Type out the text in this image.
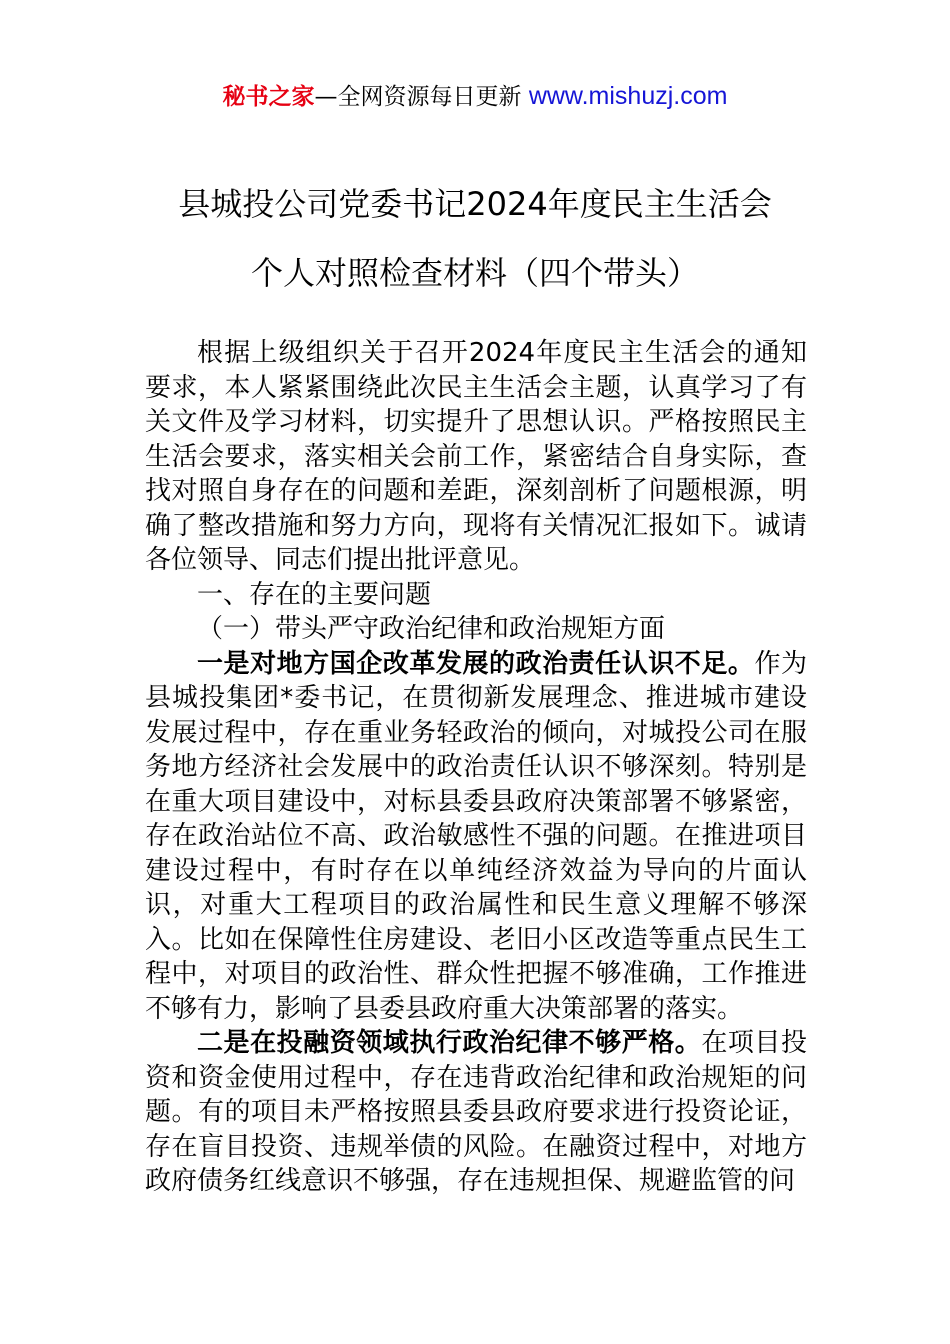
秘书之家—全网资源每日更新 www.mishuzj.com
县城投公司党委书记2024年度民主生活会
个人对照检查材料（四个带头）

根据上级组织关于召开2024年度民主生活会的通知要求，本人紧紧围绕此次民主生活会主题，认真学习了有关文件及学习材料，切实提升了思想认识。严格按照民主生活会要求，落实相关会前工作，紧密结合自身实际，查找对照自身存在的问题和差距，深刻剖析了问题根源，明确了整改措施和努力方向，现将有关情况汇报如下。诚请各位领导、同志们提出批评意见。

一、存在的主要问题

（一）带头严守政治纪律和政治规矩方面

一是对地方国企改革发展的政治责任认识不足。作为县城投集团*委书记，在贯彻新发展理念、推进城市建设发展过程中，存在重业务轻政治的倾向，对城投公司在服务地方经济社会发展中的政治责任认识不够深刻。特别是在重大项目建设中，对标县委县政府决策部署不够紧密，存在政治站位不高、政治敏感性不强的问题。在推进项目建设过程中，有时存在以单纯经济效益为导向的片面认识，对重大工程项目的政治属性和民生意义理解不够深入。比如在保障性住房建设、老旧小区改造等重点民生工程中，对项目的政治性、群众性把握不够准确，工作推进不够有力，影响了县委县政府重大决策部署的落实。

二是在投融资领域执行政治纪律不够严格。在项目投资和资金使用过程中，存在违背政治纪律和政治规矩的问题。有的项目未严格按照县委县政府要求进行投资论证，存在盲目投资、违规举债的风险。在融资过程中，对地方政府债务红线意识不够强，存在违规担保、规避监管的问
